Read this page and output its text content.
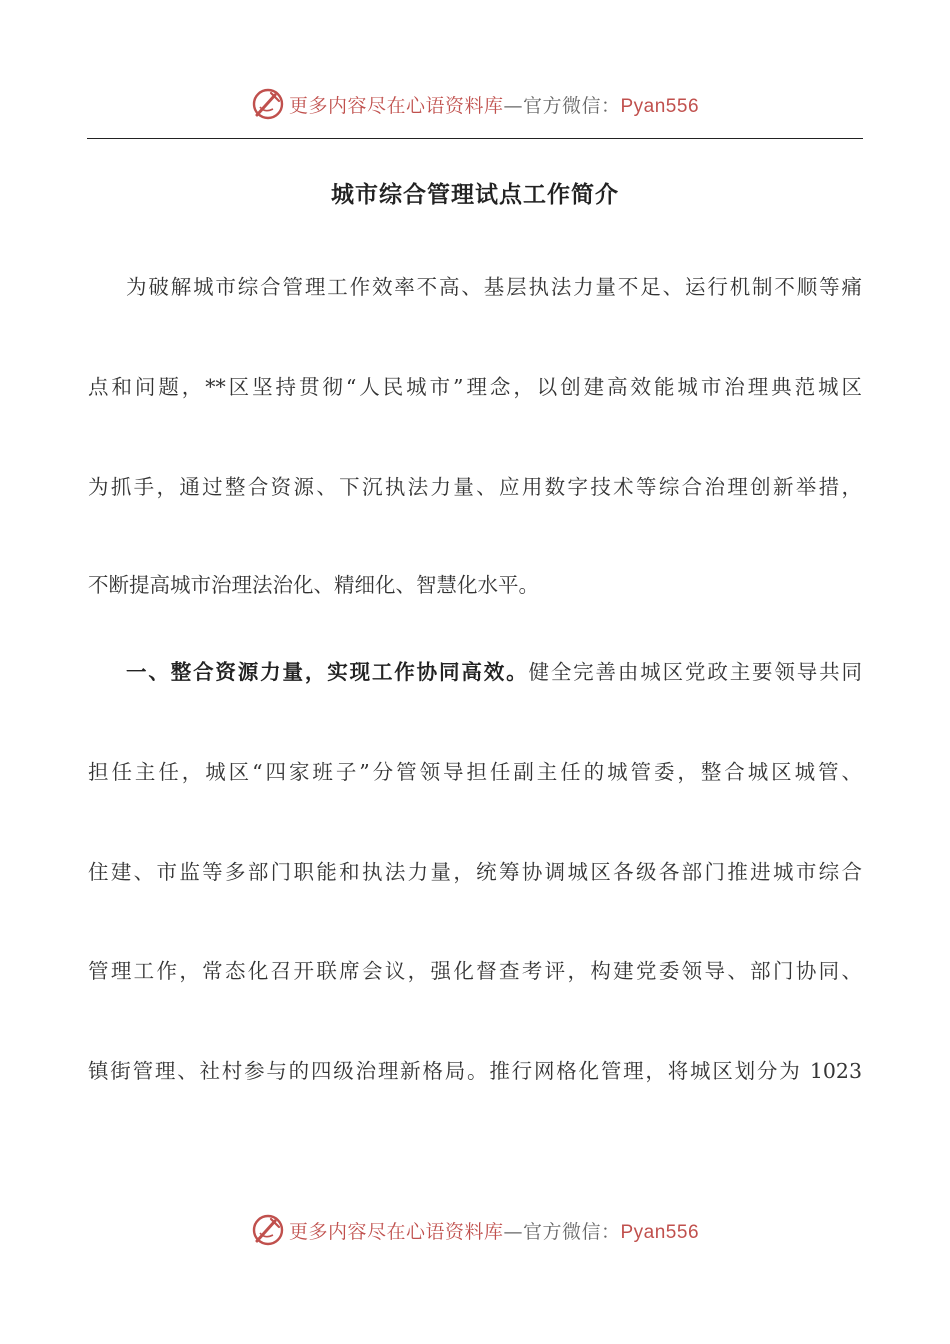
更多内容尽在心语资料库—官方微信：Pyan556
城市综合管理试点工作简介
为破解城市综合管理工作效率不高、基层执法力量不足、运行机制不顺等痛
点和问题，**区坚持贯彻“人民城市”理念，以创建高效能城市治理典范城区
为抓手，通过整合资源、下沉执法力量、应用数字技术等综合治理创新举措，
不断提高城市治理法治化、精细化、智慧化水平。
一、整合资源力量，实现工作协同高效。健全完善由城区党政主要领导共同
担任主任，城区“四家班子”分管领导担任副主任的城管委，整合城区城管、
住建、市监等多部门职能和执法力量，统筹协调城区各级各部门推进城市综合
管理工作，常态化召开联席会议，强化督查考评，构建党委领导、部门协同、
镇街管理、社村参与的四级治理新格局。推行网格化管理，将城区划分为 1023
更多内容尽在心语资料库—官方微信：Pyan556
